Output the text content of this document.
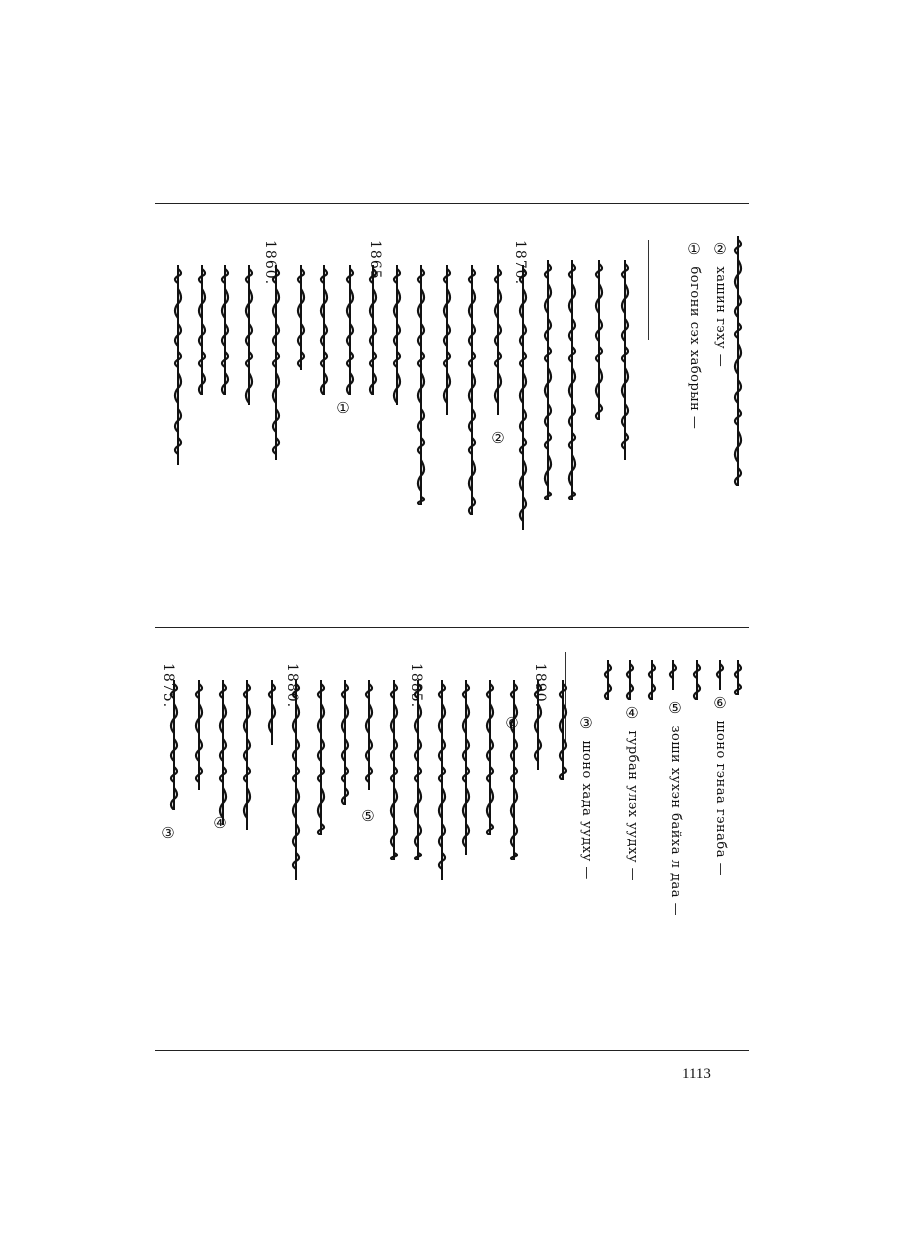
② хашин гэху —
① богони сэх хаборын —
1870.
1865.
1860.
②
①
⑥ шоно гэнаа гэнаба —
⑤ зоши хухэн байха л даа —
④ гурбан улэх уудху —
③ шоно хада уудху —
1890.
1885.
1880.
1875.
⑥
⑤
④
③
1113
